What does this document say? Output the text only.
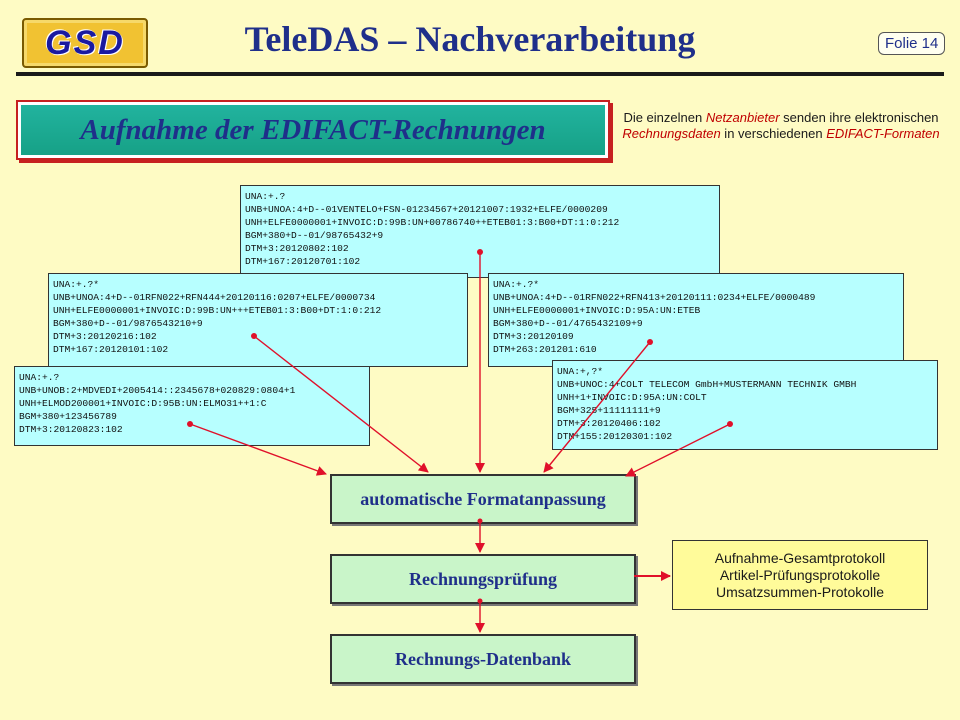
GSD	TeleDAS – Nachverarbeitung	Folie 14
Aufnahme der EDIFACT-Rechnungen	Die einzelnen Netzanbieter senden ihre elektronischen Rechnungsdaten in verschiedenen EDIFACT-Formaten
UNA:+.?
UNB+UNOA:4+D--01VENTELO+FSN-01234567+20121007:1932+ELFE/0000209
UNH+ELFE0000001+INVOIC:D:99B:UN+00786740++ETEB01:3:B00+DT:1:0:212
BGM+380+D--01/98765432+9
DTM+3:20120802:102
DTM+167:20120701:102
UNA:+.?*
UNB+UNOA:4+D--01RFN022+RFN444+20120116:0207+ELFE/0000734
UNH+ELFE0000001+INVOIC:D:99B:UN+++ETEB01:3:B00+DT:1:0:212
BGM+380+D--01/9876543210+9
DTM+3:20120216:102
DTM+167:20120101:102
UNA:+.?*
UNB+UNOA:4+D--01RFN022+RFN413+20120111:0234+ELFE/0000489
UNH+ELFE0000001+INVOIC:D:95A:UN:ETEB
BGM+380+D--01/4765432109+9
DTM+3:20120109
DTM+263:201201:610
UNA:+.?
UNB+UNOB:2+MDVEDI+2005414::2345678+020829:0804+1
UNH+ELMOD200001+INVOIC:D:95B:UN:ELMO31++1:C
BGM+380+123456789
DTM+3:20120823:102
UNA:+,?*
UNB+UNOC:4+COLT TELECOM GmbH+MUSTERMANN TECHNIK GMBH
UNH+1+INVOIC:D:95A:UN:COLT
BGM+325+11111111+9
DTM+3:20120406:102
DTM+155:20120301:102
automatische Formatanpassung
Rechnungsprüfung
Rechnungs-Datenbank
Aufnahme-Gesamtprotokoll
Artikel-Prüfungsprotokolle
Umsatzsummen-Protokolle
